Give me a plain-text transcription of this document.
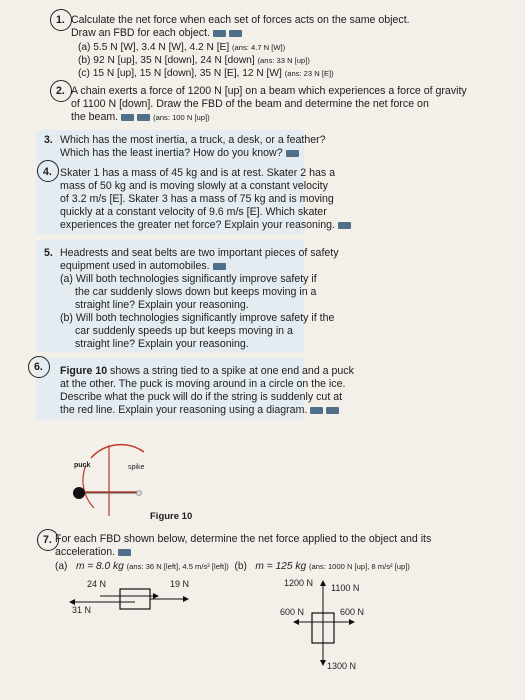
1. Calculate the net force when each set of forces acts on the same object.
Draw an FBD for each object.
(a) 5.5 N [W], 3.4 N [W], 4.2 N [E] (ans: 4.7 N [W])
(b) 92 N [up], 35 N [down], 24 N [down] (ans: 33 N [up])
(c) 15 N [up], 15 N [down], 35 N [E], 12 N [W] (ans: 23 N [E])
2. A chain exerts a force of 1200 N [up] on a beam which experiences a force of gravity
of 1100 N [down]. Draw the FBD of the beam and determine the net force on
the beam.	(ans: 100 N [up])
3. Which has the most inertia, a truck, a desk, or a feather?
Which has the least inertia? How do you know?
Skater 1 has a mass of 45 kg and is at rest. Skater 2 has a
mass of 50 kg and is moving slowly at a constant velocity
of 3.2 m/s [E]. Skater 3 has a mass of 75 kg and is moving
quickly at a constant velocity of 9.6 m/s [E]. Which skater
experiences the greater net force? Explain your reasoning.
4.
5. Headrests and seat belts are two important pieces of safety
equipment used in automobiles.
(a) Will both technologies significantly improve safety if
the car suddenly slows down but keeps moving in a
straight line? Explain your reasoning.
(b) Will both technologies significantly improve safety if the
car suddenly speeds up but keeps moving in a
straight line? Explain your reasoning.
Figure 10 shows a string tied to a spike at one end and a puck
at the other. The puck is moving around in a circle on the ice.
Describe what the puck will do if the string is suddenly cut at
the red line. Explain your reasoning using a diagram.
6.
puck	spike
Figure 10
7. For each FBD shown below, determine the net force applied to the object and its
acceleration.
(a) m = 8.0 kg (ans: 36 N [left], 4.5 m/s² [left]) (b) m = 125 kg (ans: 1000 N [up], 8 m/s² [up])
24 N	19 N
31 N
1200 N 1100 N
600 N	600 N
1300 N
